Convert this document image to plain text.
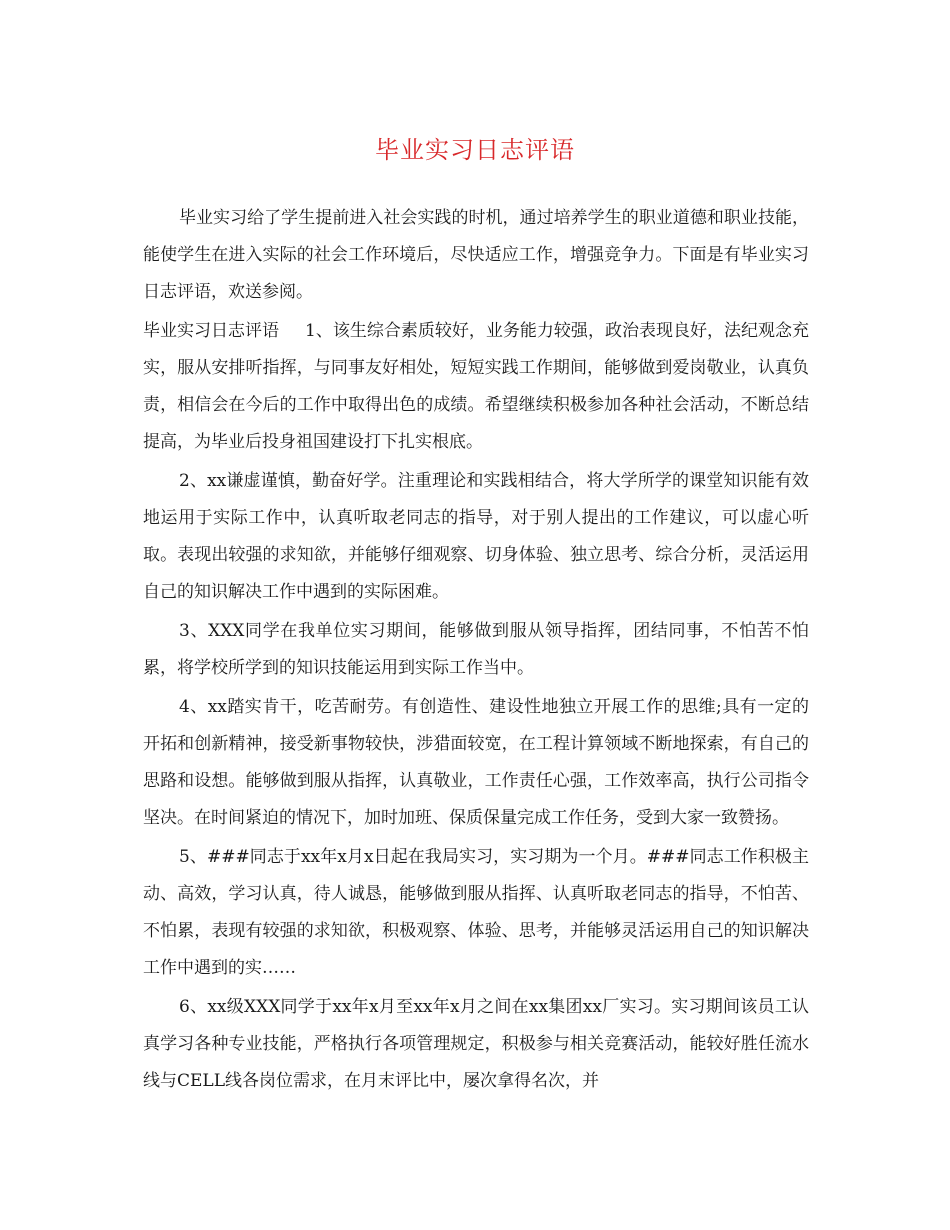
毕业实习日志评语

毕业实习给了学生提前进入社会实践的时机，通过培养学生的职业道德和职业技能，能使学生在进入实际的社会工作环境后，尽快适应工作，增强竞争力。下面是有毕业实习日志评语，欢送参阅。

毕业实习日志评语 1、该生综合素质较好，业务能力较强，政治表现良好，法纪观念充实，服从安排听指挥，与同事友好相处，短短实践工作期间，能够做到爱岗敬业，认真负责，相信会在今后的工作中取得出色的成绩。希望继续积极参加各种社会活动，不断总结提高，为毕业后投身祖国建设打下扎实根底。

2、xx谦虚谨慎，勤奋好学。注重理论和实践相结合，将大学所学的课堂知识能有效地运用于实际工作中，认真听取老同志的指导，对于别人提出的工作建议，可以虚心听取。表现出较强的求知欲，并能够仔细观察、切身体验、独立思考、综合分析，灵活运用自己的知识解决工作中遇到的实际困难。

3、XXX同学在我单位实习期间，能够做到服从领导指挥，团结同事，不怕苦不怕累，将学校所学到的知识技能运用到实际工作当中。

4、xx踏实肯干，吃苦耐劳。有创造性、建设性地独立开展工作的思维;具有一定的开拓和创新精神，接受新事物较快，涉猎面较宽，在工程计算领域不断地探索，有自己的思路和设想。能够做到服从指挥，认真敬业，工作责任心强，工作效率高，执行公司指令坚决。在时间紧迫的情况下，加时加班、保质保量完成工作任务，受到大家一致赞扬。

5、###同志于xx年x月x日起在我局实习，实习期为一个月。###同志工作积极主动、高效，学习认真，待人诚恳，能够做到服从指挥、认真听取老同志的指导，不怕苦、不怕累，表现有较强的求知欲，积极观察、体验、思考，并能够灵活运用自己的知识解决工作中遇到的实……

6、xx级XXX同学于xx年x月至xx年x月之间在xx集团xx厂实习。实习期间该员工认真学习各种专业技能，严格执行各项管理规定，积极参与相关竞赛活动，能较好胜任流水线与CELL线各岗位需求，在月末评比中，屡次拿得名次，并
